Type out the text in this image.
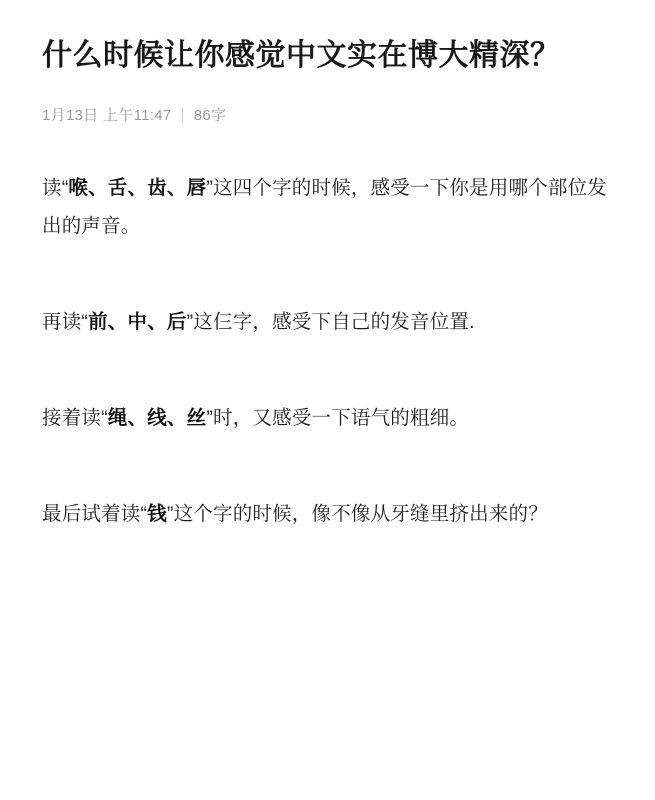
什么时候让你感觉中文实在博大精深？
1月13日 上午11:47 | 86字

读“喉、舌、齿、唇”这四个字的时候，感受一下你是用哪个部位发出的声音。

再读“前、中、后”这仨字，感受下自己的发音位置.

接着读“绳、线、丝”时，又感受一下语气的粗细。

最后试着读“钱”这个字的时候，像不像从牙缝里挤出来的？
